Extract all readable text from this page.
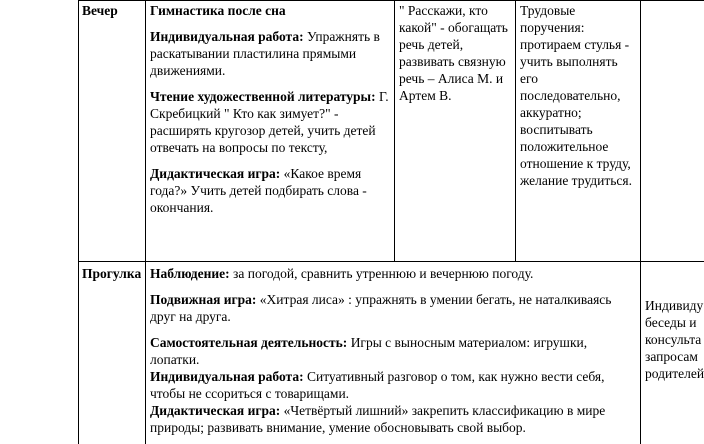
Вечер	Гимнастика после сна

Индивидуальная работа: Упражнять в раскатывании пластилина прямыми движениями.

Чтение художественной литературы: Г. Скребицкий " Кто как зимует?" - расширять кругозор детей, учить детей отвечать на вопросы по тексту,

Дидактическая игра: «Какое время года?» Учить детей подбирать слова - окончания.

" Расскажи, кто какой" - обогащать речь детей, развивать связную речь – Алиса М. и Артем В.
Трудовые поручения: протираем стулья - учить выполнять его последовательно, аккуратно; воспитывать положительное отношение к труду, желание трудиться.
Прогулка Наблюдение: за погодой, сравнить утреннюю и вечернюю погоду.

Подвижная игра: «Хитрая лиса» : упражнять в умении бегать, не наталкиваясь друг на друга.

Самостоятельная деятельность: Игры с выносным материалом: игрушки, лопатки.

Индивидуальная работа: Ситуативный разговор о том, как нужно вести себя, чтобы не ссориться с товарищами.

Дидактическая игра: «Четвёртый лишний» закрепить классификацию в мире природы; развивать внимание, умение обосновывать свой выбор.

Индивиду
беседы и
консульта
запросам
родителей
